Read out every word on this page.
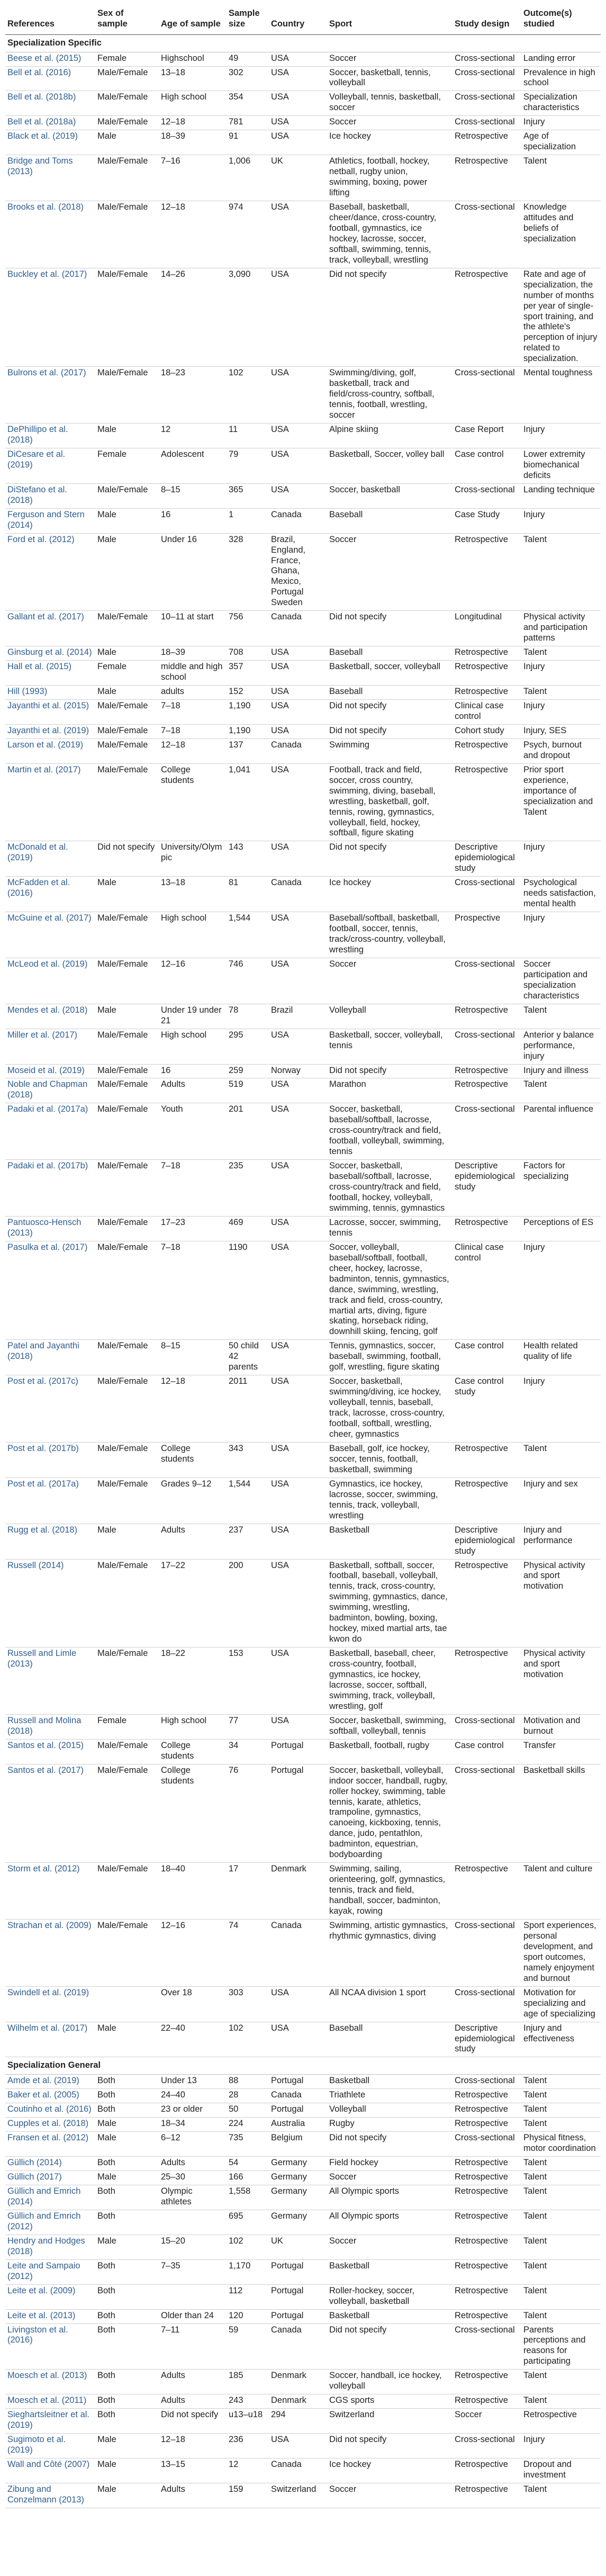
References	Sex of sample	Age of sample	Sample size	Country	Sport	Study design	Outcome(s) studied
Specialization Specific							
Beese et al. (2015)	Female	Highschool	49	USA	Soccer	Cross-sectional	Landing error
Bell et al. (2016)	Male/Female	13–18	302	USA	Soccer, basketball, tennis, volleyball	Cross-sectional	Prevalence in high school
Bell et al. (2018b)	Male/Female	High school	354	USA	Volleyball, tennis, basketball, soccer	Cross-sectional	Specialization characteristics
Bell et al. (2018a)	Male/Female	12–18	781	USA	Soccer	Cross-sectional	Injury
Black et al. (2019)	Male	18–39	91	USA	Ice hockey	Retrospective	Age of specialization
Bridge and Toms (2013)	Male/Female	7–16	1,006	UK	Athletics, football, hockey, netball, rugby union, swimming, boxing, power lifting	Retrospective	Talent
Brooks et al. (2018)	Male/Female	12–18	974	USA	Baseball, basketball, cheer/dance, cross-country, football, gymnastics, ice hockey, lacrosse, soccer, softball, swimming, tennis, track, volleyball, wrestling	Cross-sectional	Knowledge attitudes and beliefs of specialization
Buckley et al. (2017)	Male/Female	14–26	3,090	USA	Did not specify	Retrospective	Rate and age of specialization, the number of months per year of single-sport training, and the athlete's perception of injury related to specialization.
Bulrons et al. (2017)	Male/Female	18–23	102	USA	Swimming/diving, golf, basketball, track and field/cross-country, softball, tennis, football, wrestling, soccer	Cross-sectional	Mental toughness
DePhillipo et al. (2018)	Male	12	11	USA	Alpine skiing	Case Report	Injury
DiCesare et al. (2019)	Female	Adolescent	79	USA	Basketball, Soccer, volley ball	Case control	Lower extremity biomechanical deficits
DiStefano et al. (2018)	Male/Female	8–15	365	USA	Soccer, basketball	Cross-sectional	Landing technique
Ferguson and Stern (2014)	Male	16	1	Canada	Baseball	Case Study	Injury
Ford et al. (2012)	Male	Under 16	328	Brazil, England, France, Ghana, Mexico, Portugal Sweden	Soccer	Retrospective	Talent
Gallant et al. (2017)	Male/Female	10–11 at start	756	Canada	Did not specify	Longitudinal	Physical activity and participation patterns
Ginsburg et al. (2014)	Male	18–39	708	USA	Baseball	Retrospective	Talent
Hall et al. (2015)	Female	middle and high school	357	USA	Basketball, soccer, volleyball	Retrospective	Injury
Hill (1993)	Male	adults	152	USA	Baseball	Retrospective	Talent
Jayanthi et al. (2015)	Male/Female	7–18	1,190	USA	Did not specify	Clinical case control	Injury
Jayanthi et al. (2019)	Male/Female	7–18	1,190	USA	Did not specify	Cohort study	Injury, SES
Larson et al. (2019)	Male/Female	12–18	137	Canada	Swimming	Retrospective	Psych, burnout and dropout
Martin et al. (2017)	Male/Female	College students	1,041	USA	Football, track and field, soccer, cross country, swimming, diving, baseball, wrestling, basketball, golf, tennis, rowing, gymnastics, volleyball, field, hockey, softball, figure skating	Retrospective	Prior sport experience, importance of specialization and Talent
McDonald et al. (2019)	Did not specify	University/Olympic	143	USA	Did not specify	Descriptive epidemiological study	Injury
McFadden et al. (2016)	Male	13–18	81	Canada	Ice hockey	Cross-sectional	Psychological needs satisfaction, mental health
McGuine et al. (2017)	Male/Female	High school	1,544	USA	Baseball/softball, basketball, football, soccer, tennis, track/cross-country, volleyball, wrestling	Prospective	Injury
McLeod et al. (2019)	Male/Female	12–16	746	USA	Soccer	Cross-sectional	Soccer participation and specialization characteristics
Mendes et al. (2018)	Male	Under 19 under 21	78	Brazil	Volleyball	Retrospective	Talent
Miller et al. (2017)	Male/Female	High school	295	USA	Basketball, soccer, volleyball, tennis	Cross-sectional	Anterior y balance performance, injury
Moseid et al. (2019)	Male/Female	16	259	Norway	Did not specify	Retrospective	Injury and illness
Noble and Chapman (2018)	Male/Female	Adults	519	USA	Marathon	Retrospective	Talent
Padaki et al. (2017a)	Male/Female	Youth	201	USA	Soccer, basketball, baseball/softball, lacrosse, cross-country/track and field, football, volleyball, swimming, tennis	Cross-sectional	Parental influence
Padaki et al. (2017b)	Male/Female	7–18	235	USA	Soccer, basketball, baseball/softball, lacrosse, cross-country/track and field, football, hockey, volleyball, swimming, tennis, gymnastics	Descriptive epidemiological study	Factors for specializing
Pantuosco-Hensch (2013)	Male/Female	17–23	469	USA	Lacrosse, soccer, swimming, tennis	Retrospective	Perceptions of ES
Pasulka et al. (2017)	Male/Female	7–18	1190	USA	Soccer, volleyball, baseball/softball, football, cheer, hockey, lacrosse, badminton, tennis, gymnastics, dance, swimming, wrestling, track and field, cross-country, martial arts, diving, figure skating, horseback riding, downhill skiing, fencing, golf	Clinical case control	Injury
Patel and Jayanthi (2018)	Male/Female	8–15	50 child 42 parents	USA	Tennis, gymnastics, soccer, baseball, swimming, football, golf, wrestling, figure skating	Case control	Health related quality of life
Post et al. (2017c)	Male/Female	12–18	2011	USA	Soccer, basketball, swimming/diving, ice hockey, volleyball, tennis, baseball, track, lacrosse, cross-country, football, softball, wrestling, cheer, gymnastics	Case control study	Injury
Post et al. (2017b)	Male/Female	College students	343	USA	Baseball, golf, ice hockey, soccer, tennis, football, basketball, swimming	Retrospective	Talent
Post et al. (2017a)	Male/Female	Grades 9–12	1,544	USA	Gymnastics, ice hockey, lacrosse, soccer, swimming, tennis, track, volleyball, wrestling	Retrospective	Injury and sex
Rugg et al. (2018)	Male	Adults	237	USA	Basketball	Descriptive epidemiological study	Injury and performance
Russell (2014)	Male/Female	17–22	200	USA	Basketball, softball, soccer, football, baseball, volleyball, tennis, track, cross-country, swimming, gymnastics, dance, swimming, wrestling, badminton, bowling, boxing, hockey, mixed martial arts, tae kwon do	Retrospective	Physical activity and sport motivation
Russell and Limle (2013)	Male/Female	18–22	153	USA	Basketball, baseball, cheer, cross-country, football, gymnastics, ice hockey, lacrosse, soccer, softball, swimming, track, volleyball, wrestling, golf	Retrospective	Physical activity and sport motivation
Russell and Molina (2018)	Female	High school	77	USA	Soccer, basketball, swimming, softball, volleyball, tennis	Cross-sectional	Motivation and burnout
Santos et al. (2015)	Male/Female	College students	34	Portugal	Basketball, football, rugby	Case control	Transfer
Santos et al. (2017)	Male/Female	College students	76	Portugal	Soccer, basketball, volleyball, indoor soccer, handball, rugby, roller hockey, swimming, table tennis, karate, athletics, trampoline, gymnastics, canoeing, kickboxing, tennis, dance, judo, pentathlon, badminton, equestrian, bodyboarding	Cross-sectional	Basketball skills
Storm et al. (2012)	Male/Female	18–40	17	Denmark	Swimming, sailing, orienteering, golf, gymnastics, tennis, track and field, handball, soccer, badminton, kayak, rowing	Retrospective	Talent and culture
Strachan et al. (2009)	Male/Female	12–16	74	Canada	Swimming, artistic gymnastics, rhythmic gymnastics, diving	Cross-sectional	Sport experiences, personal development, and sport outcomes, namely enjoyment and burnout
Swindell et al. (2019)		Over 18	303	USA	All NCAA division 1 sport	Cross-sectional	Motivation for specializing and age of specializing
Wilhelm et al. (2017)	Male	22–40	102	USA	Baseball	Descriptive epidemiological study	Injury and effectiveness
Specialization General							
Amde et al. (2019)	Both	Under 13	88	Portugal	Basketball	Cross-sectional	Talent
Baker et al. (2005)	Both	24–40	28	Canada	Triathlete	Retrospective	Talent
Coutinho et al. (2016)	Both	23 or older	50	Portugal	Volleyball	Retrospective	Talent
Cupples et al. (2018)	Male	18–34	224	Australia	Rugby	Retrospective	Talent
Fransen et al. (2012)	Male	6–12	735	Belgium	Did not specify	Cross-sectional	Physical fitness, motor coordination
Güllich (2014)	Both	Adults	54	Germany	Field hockey	Retrospective	Talent
Güllich (2017)	Male	25–30	166	Germany	Soccer	Retrospective	Talent
Güllich and Emrich (2014)	Both	Olympic athletes	1,558	Germany	All Olympic sports	Retrospective	Talent
Güllich and Emrich (2012)	Both		695	Germany	All Olympic sports	Retrospective	Talent
Hendry and Hodges (2018)	Male	15–20	102	UK	Soccer	Retrospective	Talent
Leite and Sampaio (2012)	Both	7–35	1,170	Portugal	Basketball	Retrospective	Talent
Leite et al. (2009)	Both		112	Portugal	Roller-hockey, soccer, volleyball, basketball	Retrospective	Talent
Leite et al. (2013)	Both	Older than 24	120	Portugal	Basketball	Retrospective	Talent
Livingston et al. (2016)	Both	7–11	59	Canada	Did not specify	Cross-sectional	Parents perceptions and reasons for participating
Moesch et al. (2013)	Both	Adults	185	Denmark	Soccer, handball, ice hockey, volleyball	Retrospective	Talent
Moesch et al. (2011)	Both	Adults	243	Denmark	CGS sports	Retrospective	Talent
Sieghartsleitner et al. (2019)	Both	Did not specify	u13–u18	294	Switzerland	Soccer	Retrospective
Sugimoto et al. (2019)	Male	12–18	236	USA	Did not specify	Cross-sectional	Injury
Wall and Côté (2007)	Male	13–15	12	Canada	Ice hockey	Retrospective	Dropout and investment
Zibung and Conzelmann (2013)	Male	Adults	159	Switzerland	Soccer	Retrospective	Talent
